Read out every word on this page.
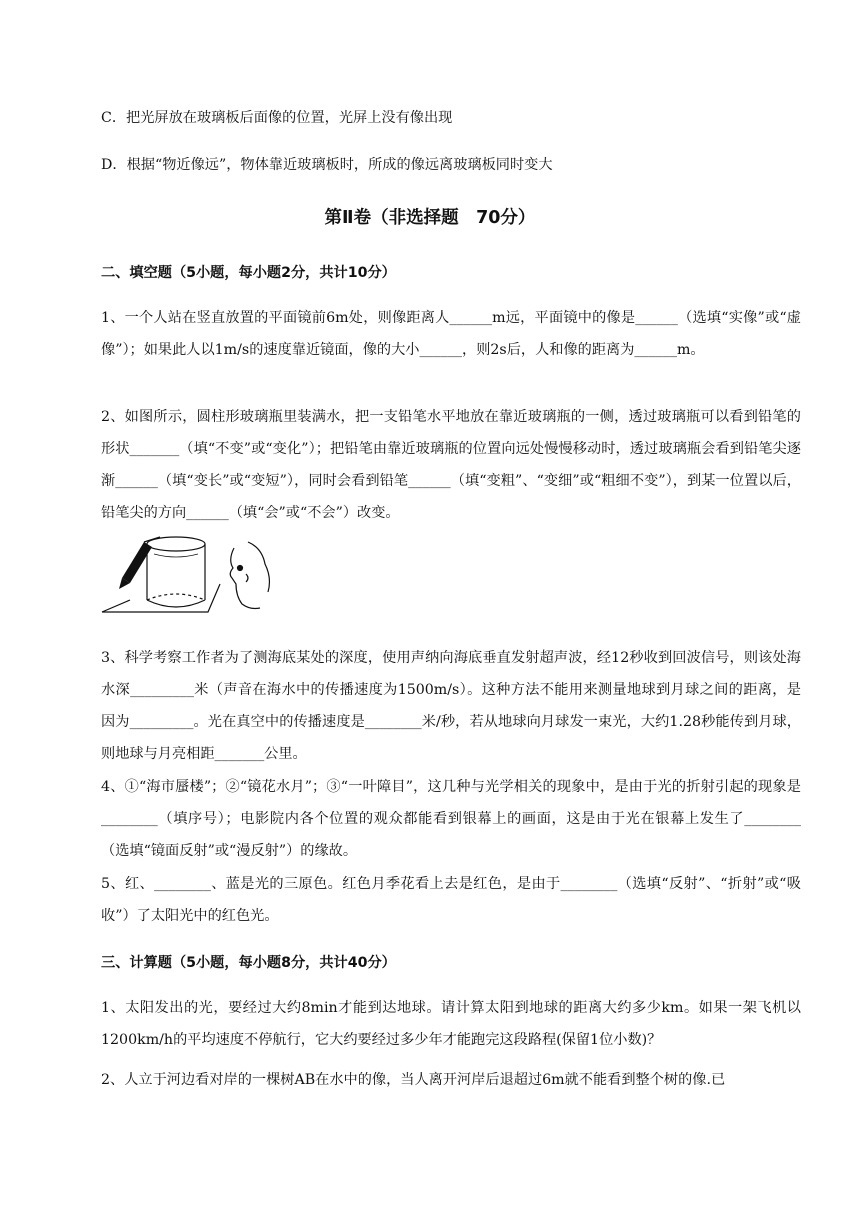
C．把光屏放在玻璃板后面像的位置，光屏上没有像出现
D．根据“物近像远”，物体靠近玻璃板时，所成的像远离玻璃板同时变大
第Ⅱ卷（非选择题　70分）
二、填空题（5小题，每小题2分，共计10分）
1、一个人站在竖直放置的平面镜前6m处，则像距离人______m远，平面镜中的像是______（选填“实像”或“虚像”）；如果此人以1m/s的速度靠近镜面，像的大小______，则2s后，人和像的距离为______m。
2、如图所示，圆柱形玻璃瓶里装满水，把一支铅笔水平地放在靠近玻璃瓶的一侧，透过玻璃瓶可以看到铅笔的形状_______（填“不变”或“变化”）；把铅笔由靠近玻璃瓶的位置向远处慢慢移动时，透过玻璃瓶会看到铅笔尖逐渐______（填“变长”或“变短”），同时会看到铅笔______（填“变粗”、“变细”或“粗细不变”），到某一位置以后，铅笔尖的方向______（填“会”或“不会”）改变。
3、科学考察工作者为了测海底某处的深度，使用声纳向海底垂直发射超声波，经12秒收到回波信号，则该处海水深_________米（声音在海水中的传播速度为1500m/s）。这种方法不能用来测量地球到月球之间的距离，是因为_________。光在真空中的传播速度是________米/秒，若从地球向月球发一束光，大约1.28秒能传到月球，则地球与月亮相距_______公里。
4、①“海市蜃楼”；②“镜花水月”；③“一叶障目”，这几种与光学相关的现象中，是由于光的折射引起的现象是________（填序号）；电影院内各个位置的观众都能看到银幕上的画面，这是由于光在银幕上发生了________（选填“镜面反射”或“漫反射”）的缘故。
5、红、________、蓝是光的三原色。红色月季花看上去是红色，是由于________（选填“反射”、“折射”或“吸收”）了太阳光中的红色光。
三、计算题（5小题，每小题8分，共计40分）
1、太阳发出的光，要经过大约8min才能到达地球。请计算太阳到地球的距离大约多少km。如果一架飞机以1200km/h的平均速度不停航行，它大约要经过多少年才能跑完这段路程(保留1位小数)？
2、人立于河边看对岸的一棵树AB在水中的像，当人离开河岸后退超过6m就不能看到整个树的像.已
